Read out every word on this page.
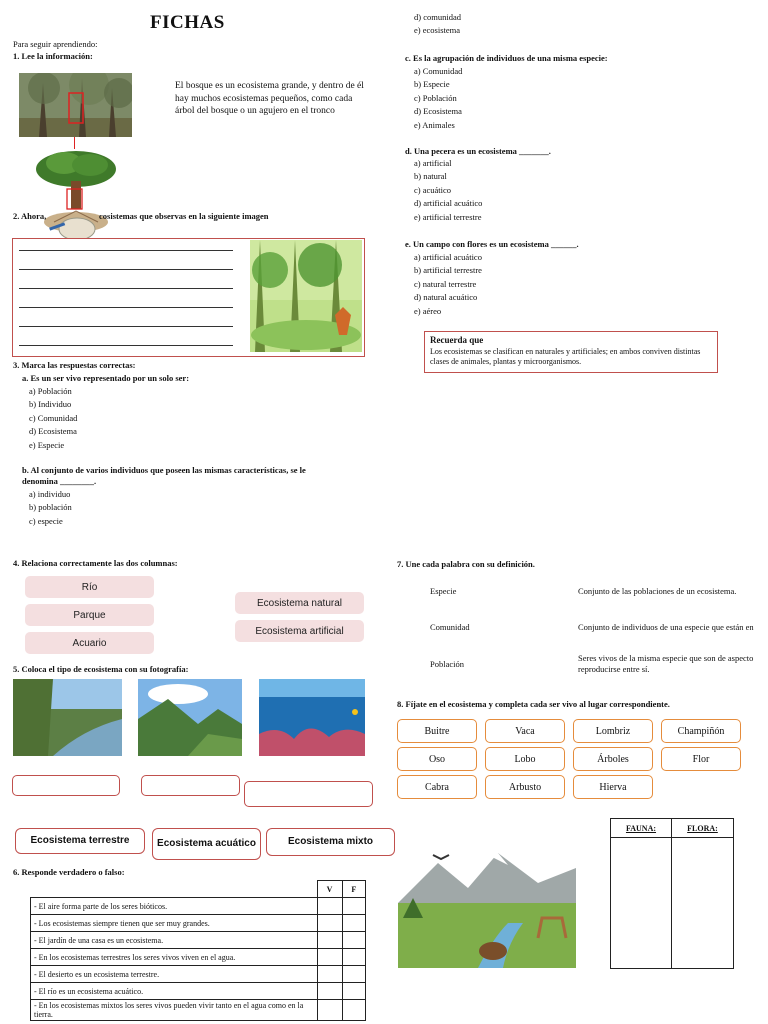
FICHAS
Para seguir aprendiendo:
1. Lee la información:
El bosque es un ecosistema grande, y dentro de él hay muchos ecosistemas pequeños, como cada árbol del bosque o un agujero en el tronco
2. Ahora,	cosistemas que observas en la siguiente imagen
3. Marca las respuestas correctas:
a. Es un ser vivo representado por un solo ser:
a) Población
b) Individuo
c) Comunidad
d) Ecosistema
e) Especie
b. Al conjunto de varios individuos que poseen las mismas características, se le denomina ________.
a) individuo
b) población
c) especie
d) comunidad
e) ecosistema
c. Es la agrupación de individuos de una misma especie:
a) Comunidad
b) Especie
c) Población
d) Ecosistema
e) Animales
d. Una pecera es un ecosistema _______.
a) artificial
b) natural
c) acuático
d) artificial acuático
e) artificial terrestre
e. Un campo con flores es un ecosistema ______.
a) artificial acuático
b) artificial terrestre
c) natural terrestre
d) natural acuático
e) aéreo
Recuerda que
Los ecosistemas se clasifican en naturales y artificiales; en ambos conviven distintas clases de animales, plantas y microorganismos.
4. Relaciona correctamente las dos columnas:
Río
Parque
Acuario
Ecosistema natural
Ecosistema artificial
5. Coloca el tipo de ecosistema con su fotografía:
Ecosistema terrestre	Ecosistema acuático	Ecosistema mixto
6. Responde verdadero o falso:
	V	F
- El aire forma parte de los seres bióticos.		
- Los ecosistemas siempre tienen que ser muy grandes.		
- El jardín de una casa es un ecosistema.		
- En los ecosistemas terrestres los seres vivos viven en el agua.		
- El desierto es un ecosistema terrestre.		
- El río es un ecosistema acuático.		
- En los ecosistemas mixtos los seres vivos pueden vivir tanto en el agua como en la tierra.		
7. Une cada palabra con su definición.
Especie
Comunidad
Población
Conjunto de las poblaciones de un ecosistema.
Conjunto de individuos de una especie que están en
Seres vivos de la misma especie que son de aspecto reproducirse entre sí.
8. Fíjate en el ecosistema y completa cada ser vivo al lugar correspondiente.
Buitre	Vaca	Lombriz	Champiñón
Oso	Lobo	Árboles	Flor
Cabra	Arbusto	Hierva
FAUNA:	FLORA:
